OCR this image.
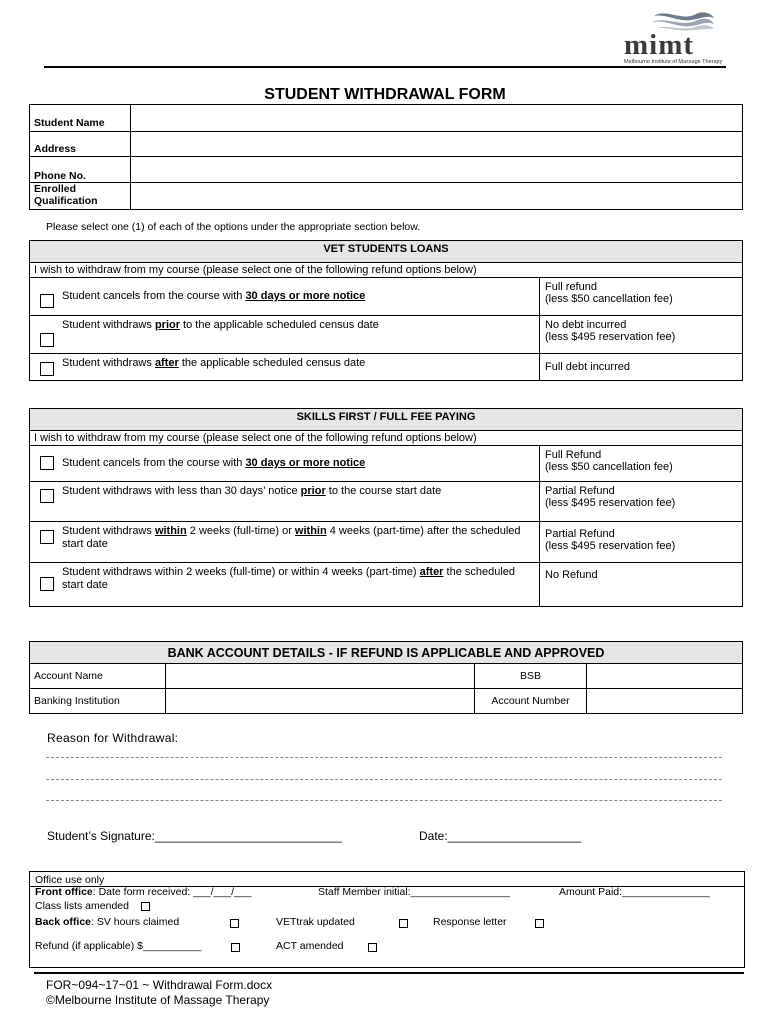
mimt
Melbourne Institute of Massage Therapy
STUDENT WITHDRAWAL FORM
Student Name	
Address	
Phone No.	
Enrolled Qualification	
Please select one (1) of each of the options under the appropriate section below.
VET STUDENTS LOANS		
I wish to withdraw from my course (please select one of the following refund options below)		

	Student cancels from the course with 30 days or more notice	Full refund
(less $50 cancellation fee)

	Student withdraws prior to the applicable scheduled census date	No debt incurred
(less $495 reservation fee)

	Student withdraws after the applicable scheduled census date	Full debt incurred
SKILLS FIRST / FULL FEE PAYING		
I wish to withdraw from my course (please select one of the following refund options below)		

	Student cancels from the course with 30 days or more notice	Full Refund
(less $50 cancellation fee)

	Student withdraws with less than 30 days’ notice prior to the course start date	Partial Refund
(less $495 reservation fee)

	Student withdraws within 2 weeks (full-time) or within 4 weeks (part-time) after the scheduled start date	Partial Refund
(less $495 reservation fee)

	Student withdraws within 2 weeks (full-time) or within 4 weeks (part-time) after the scheduled start date	No Refund
BANK ACCOUNT DETAILS - IF REFUND IS APPLICABLE AND APPROVED			
Account Name		BSB	
Banking Institution		Account Number	
Reason for Withdrawal:
Student’s Signature:____________________________	Date:____________________
Office use only
Front office: Date form received: ___/___/___	Staff Member initial:_________________	Amount Paid:_______________
Class lists amended
Back office: SV hours claimed	VETtrak updated	Response letter
Refund (if applicable) $__________	ACT amended
FOR~094~17~01 ~ Withdrawal Form.docx
©Melbourne Institute of Massage Therapy
